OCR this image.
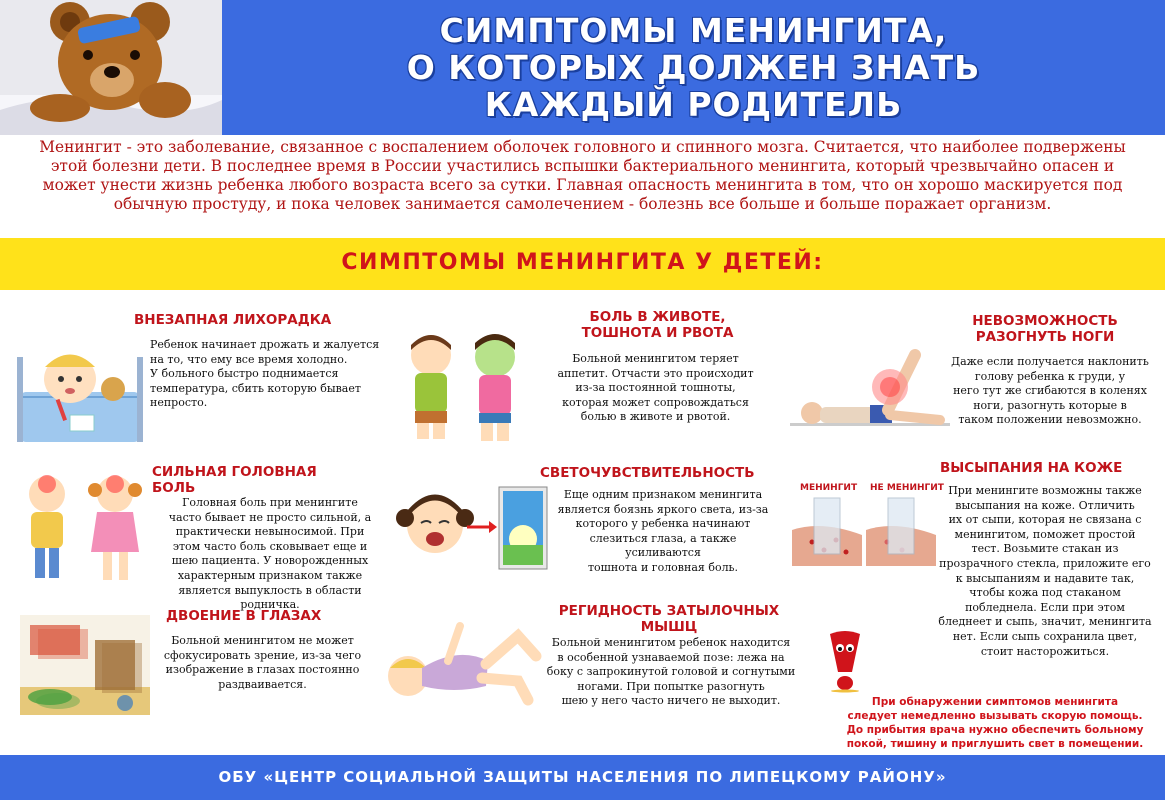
СИМПТОМЫ МЕНИНГИТА,
О КОТОРЫХ ДОЛЖЕН ЗНАТЬ
КАЖДЫЙ РОДИТЕЛЬ
Менингит - это заболевание, связанное с воспалением оболочек головного и спинного мозга. Считается, что наиболее подвержены этой болезни дети. В последнее время в России участились вспышки бактериального менингита, который чрезвычайно опасен и может унести жизнь ребенка любого возраста всего за сутки. Главная опасность менингита в том, что он хорошо маскируется под обычную простуду, и пока человек занимается самолечением - болезнь все больше и больше поражает организм.
СИМПТОМЫ МЕНИНГИТА У ДЕТЕЙ:
ВНЕЗАПНАЯ ЛИХОРАДКА
Ребенок начинает дрожать и жалуется на то, что ему все время холодно.
У больного быстро поднимается температура, сбить которую бывает непросто.
БОЛЬ В ЖИВОТЕ,
ТОШНОТА И РВОТА
Больной менингитом теряет
аппетит. Отчасти это происходит из-за постоянной тошноты,
которая может сопровождаться
болью в животе и рвотой.
НЕВОЗМОЖНОСТЬ
РАЗОГНУТЬ НОГИ
Даже если получается наклонить голову ребенка к груди, у
него тут же сгибаются в коленях ноги, разогнуть которые в
таком положении невозможно.
СИЛЬНАЯ ГОЛОВНАЯ
БОЛЬ
Головная боль при менингите
часто бывает не просто сильной, а
практически невыносимой. При
этом часто боль сковывает еще и
шею пациента. У новорожденных
характерным признаком также является выпуклость в области
родничка.
СВЕТОЧУВСТВИТЕЛЬНОСТЬ
Еще одним признаком менингита
является боязнь яркого света, из-за
которого у ребенка начинают слезиться глаза, а также усиливаются
тошнота и головная боль.
МЕНИНГИТ НЕ МЕНИНГИТ
ВЫСЫПАНИЯ НА КОЖЕ
При менингите возможны также
высыпания на коже. Отличить
их от сыпи, которая не связана с
менингитом, поможет простой
тест. Возьмите стакан из прозрачного стекла, приложите его
к высыпаниям и надавите так,
чтобы кожа под стаканом побледнела. Если при этом бледнеет и сыпь, значит, менингита
нет. Если сыпь сохранила цвет,
стоит насторожиться.
ДВОЕНИЕ В ГЛАЗАХ
Больной менингитом не может
сфокусировать зрение, из-за чего
изображение в глазах постоянно
раздваивается.
РЕГИДНОСТЬ ЗАТЫЛОЧНЫХ
МЫШЦ
Больной менингитом ребенок находится
в особенной узнаваемой позе: лежа на
боку с запрокинутой головой и согнутыми ногами. При попытке разогнуть
шею у него часто ничего не выходит.	При обнаружении симптомов менингита
следует немедленно вызывать скорую помощь.
До прибытия врача нужно обеспечить больному
покой, тишину и приглушить свет в помещении.
ОБУ «ЦЕНТР СОЦИАЛЬНОЙ ЗАЩИТЫ НАСЕЛЕНИЯ ПО ЛИПЕЦКОМУ РАЙОНУ»
